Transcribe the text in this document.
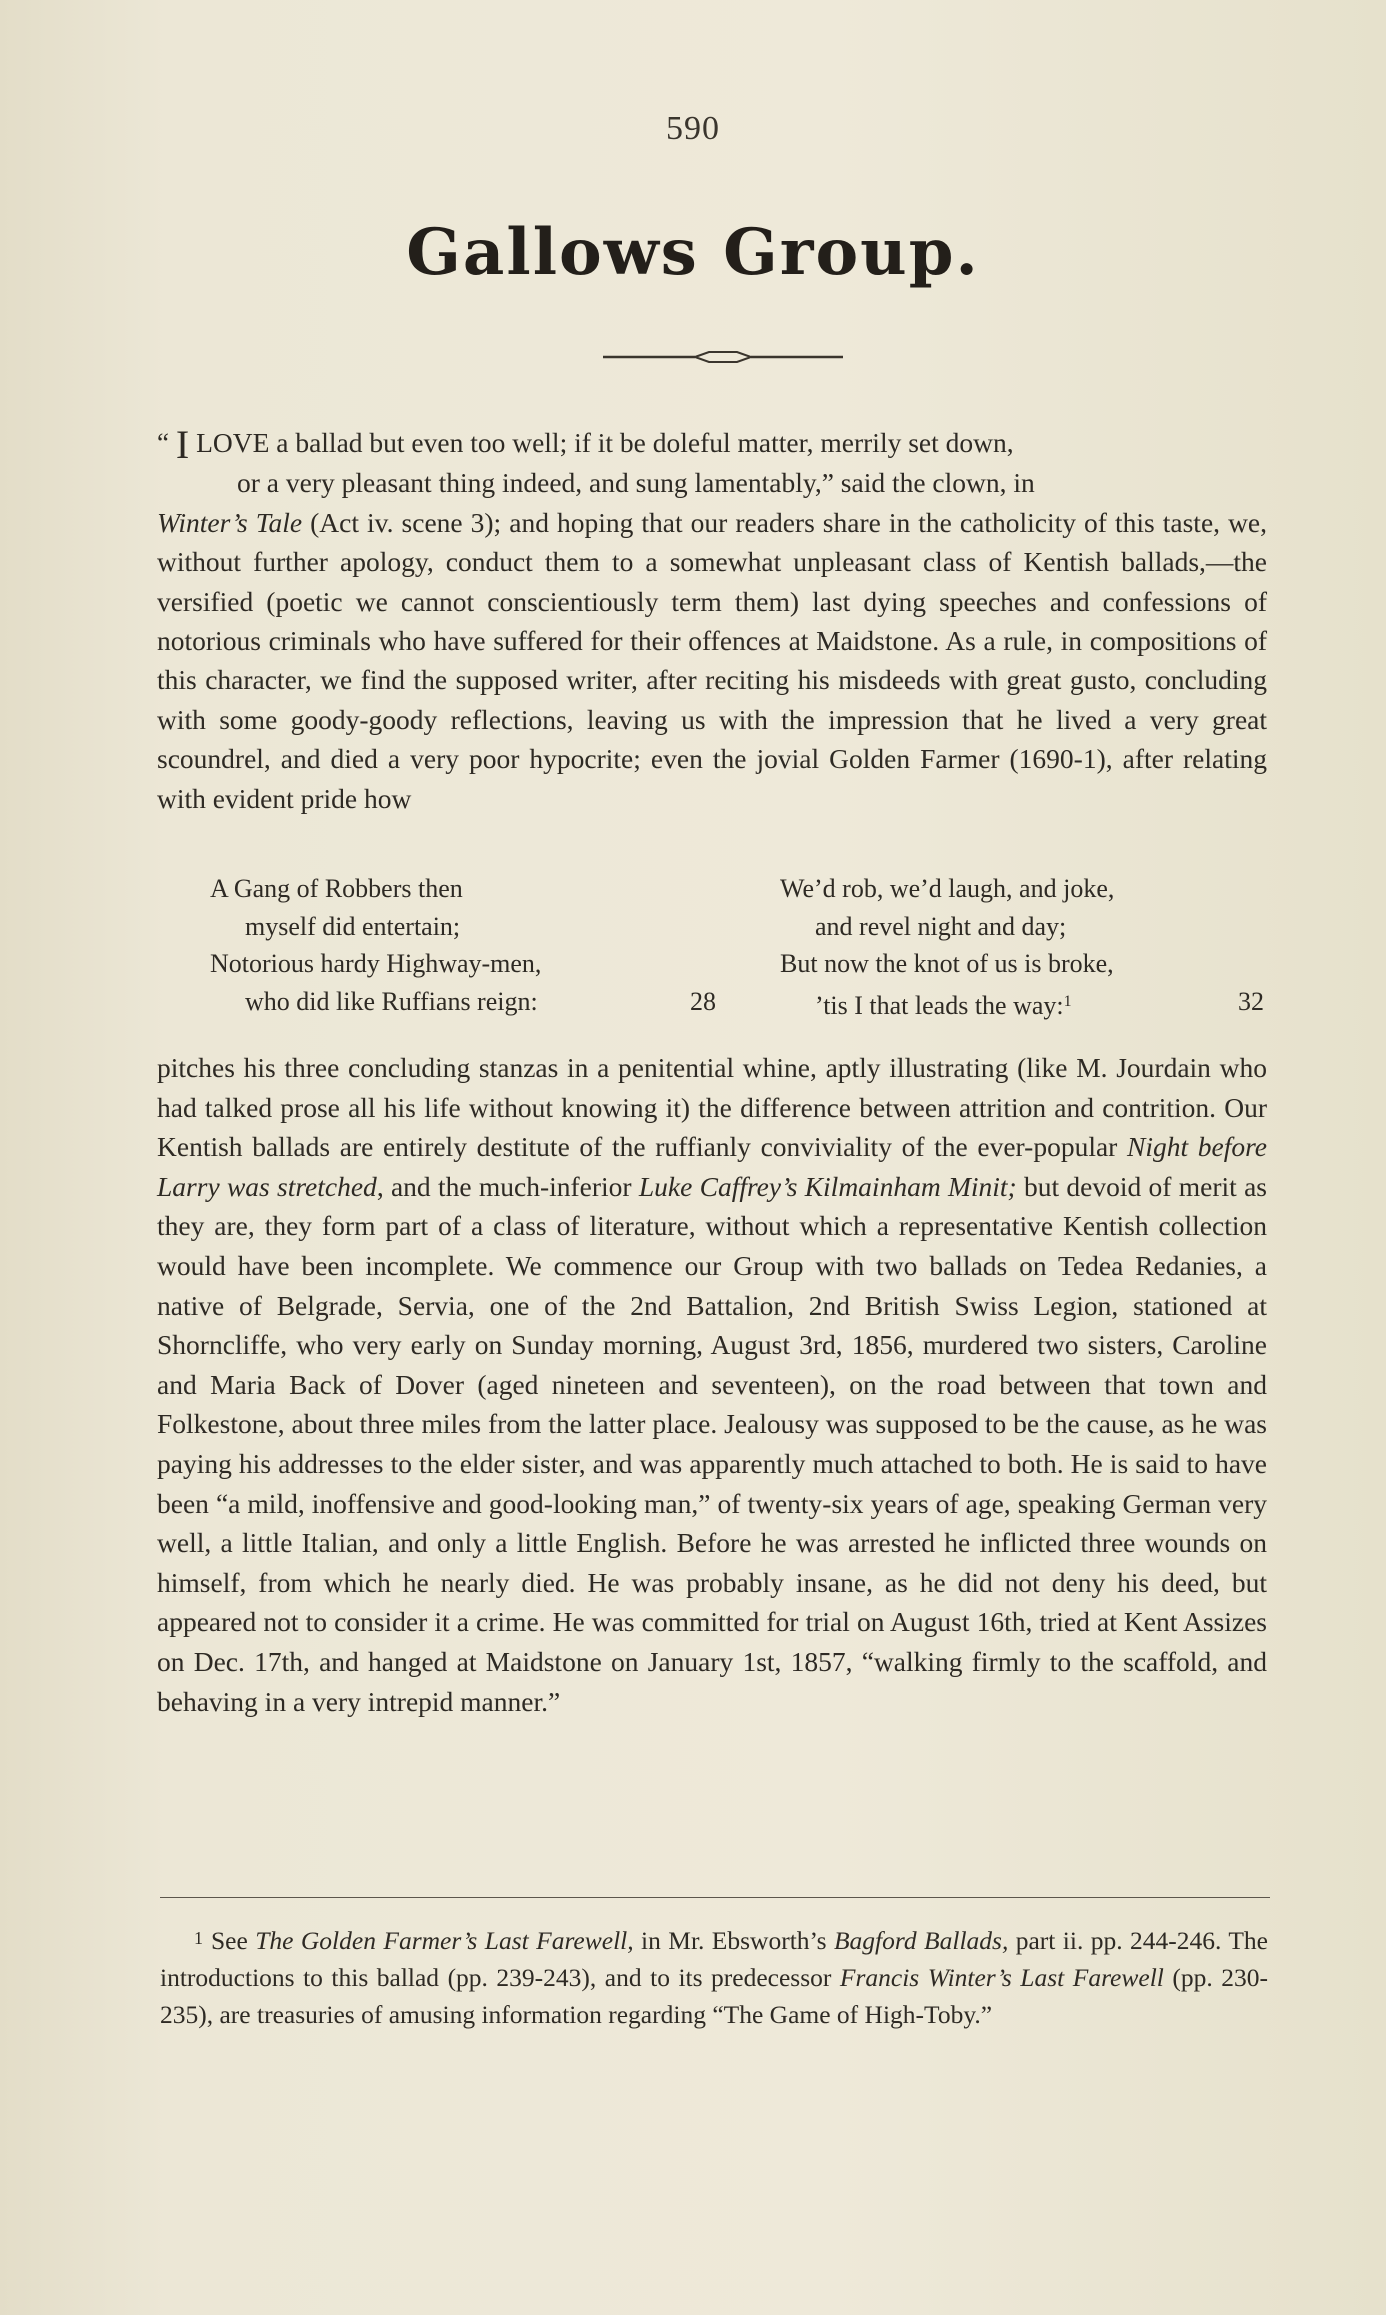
590
Gallows Group.

“ I LOVE a ballad but even too well; if it be doleful matter, merrily set down,

or a very pleasant thing indeed, and sung lamentably,” said the clown, in

Winter’s Tale (Act iv. scene 3); and hoping that our readers share in the catholicity of this taste, we, without further apology, conduct them to a somewhat unpleasant class of Kentish ballads,—the versified (poetic we cannot conscientiously term them) last dying speeches and confessions of notorious criminals who have suffered for their offences at Maidstone. As a rule, in compositions of this character, we find the supposed writer, after reciting his misdeeds with great gusto, concluding with some goody-goody reflections, leaving us with the impression that he lived a very great scoundrel, and died a very poor hypocrite; even the jovial Golden Farmer (1690-1), after relating with evident pride how

A Gang of Robbers then
myself did entertain;
Notorious hardy Highway-men,
who did like Ruffians reign:	28
We’d rob, we’d laugh, and joke,
and revel night and day;
But now the knot of us is broke,
’tis I that leads the way:$^1$	32

pitches his three concluding stanzas in a penitential whine, aptly illustrating (like M. Jourdain who had talked prose all his life without knowing it) the difference between attrition and contrition. Our Kentish ballads are entirely destitute of the ruffianly conviviality of the ever-popular Night before Larry was stretched, and the much-inferior Luke Caffrey’s Kilmainham Minit; but devoid of merit as they are, they form part of a class of literature, without which a representative Kentish collection would have been incomplete. We commence our Group with two ballads on Tedea Redanies, a native of Belgrade, Servia, one of the 2nd Battalion, 2nd British Swiss Legion, stationed at Shorncliffe, who very early on Sunday morning, August 3rd, 1856, murdered two sisters, Caroline and Maria Back of Dover (aged nineteen and seventeen), on the road between that town and Folkestone, about three miles from the latter place. Jealousy was supposed to be the cause, as he was paying his addresses to the elder sister, and was apparently much attached to both. He is said to have been “a mild, inoffensive and good-looking man,” of twenty-six years of age, speaking German very well, a little Italian, and only a little English. Before he was arrested he inflicted three wounds on himself, from which he nearly died. He was probably insane, as he did not deny his deed, but appeared not to consider it a crime. He was committed for trial on August 16th, tried at Kent Assizes on Dec. 17th, and hanged at Maidstone on January 1st, 1857, “walking firmly to the scaffold, and behaving in a very intrepid manner.”

1 See The Golden Farmer’s Last Farewell, in Mr. Ebsworth’s Bagford Ballads, part ii. pp. 244-246. The introductions to this ballad (pp. 239-243), and to its predecessor Francis Winter’s Last Farewell (pp. 230-235), are treasuries of amusing information regarding “The Game of High-Toby.”
